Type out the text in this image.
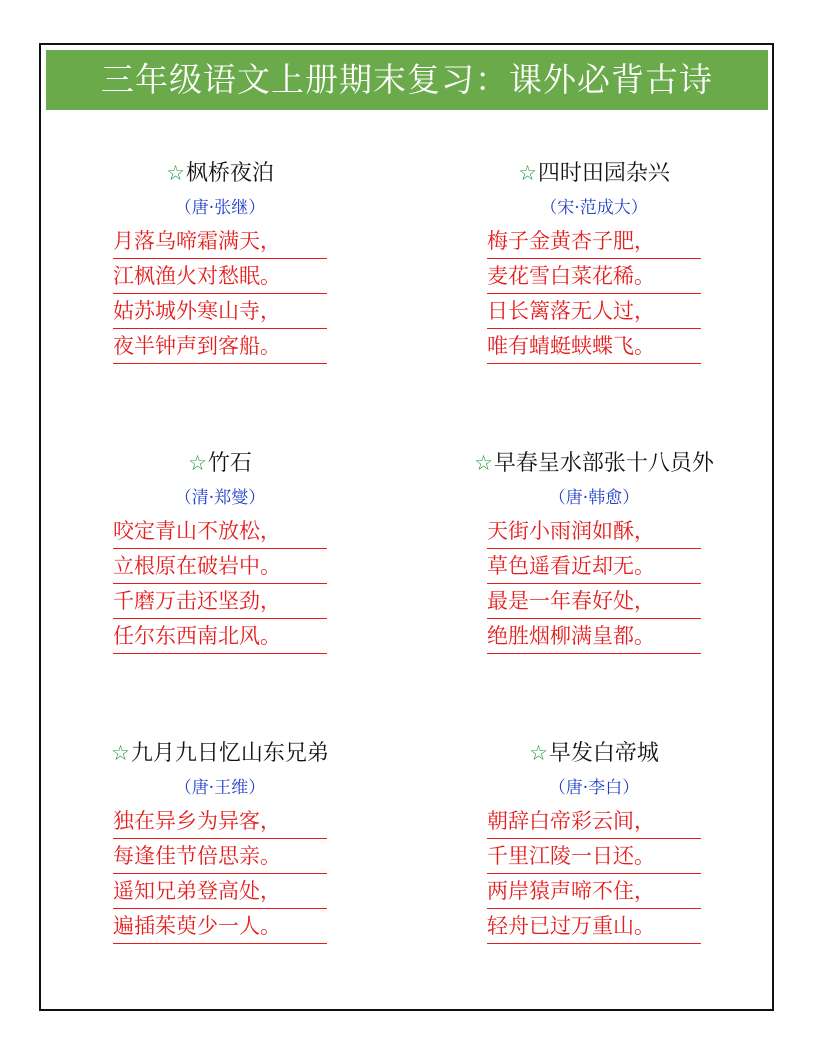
三年级语文上册期末复习：课外必背古诗
☆枫桥夜泊
（唐·张继）
月落乌啼霜满天，
江枫渔火对愁眠。
姑苏城外寒山寺，
夜半钟声到客船。
☆四时田园杂兴
（宋·范成大）
梅子金黄杏子肥，
麦花雪白菜花稀。
日长篱落无人过，
唯有蜻蜓蛱蝶飞。
☆竹石
（清·郑燮）
咬定青山不放松，
立根原在破岩中。
千磨万击还坚劲，
任尔东西南北风。
☆早春呈水部张十八员外
（唐·韩愈）
天街小雨润如酥，
草色遥看近却无。
最是一年春好处，
绝胜烟柳满皇都。
☆九月九日忆山东兄弟
（唐·王维）
独在异乡为异客，
每逢佳节倍思亲。
遥知兄弟登高处，
遍插茱萸少一人。
☆早发白帝城
（唐·李白）
朝辞白帝彩云间，
千里江陵一日还。
两岸猿声啼不住，
轻舟已过万重山。
